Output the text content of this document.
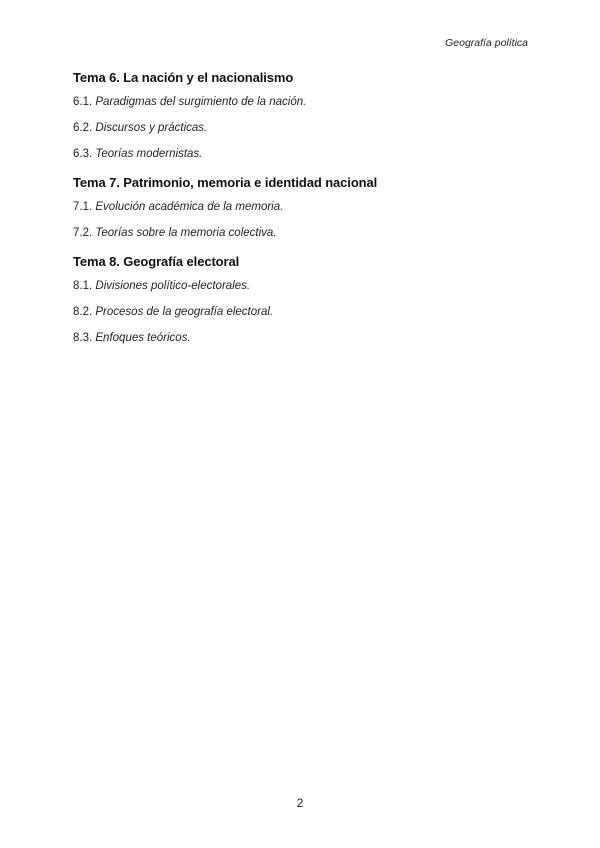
Geografía política
Tema 6. La nación y el nacionalismo
6.1. Paradigmas del surgimiento de la nación.
6.2. Discursos y prácticas.
6.3. Teorías modernistas.
Tema 7. Patrimonio, memoria e identidad nacional
7.1. Evolución académica de la memoria.
7.2. Teorías sobre la memoria colectiva.
Tema 8. Geografía electoral
8.1. Divisiones político-electorales.
8.2. Procesos de la geografía electoral.
8.3. Enfoques teóricos.
2
